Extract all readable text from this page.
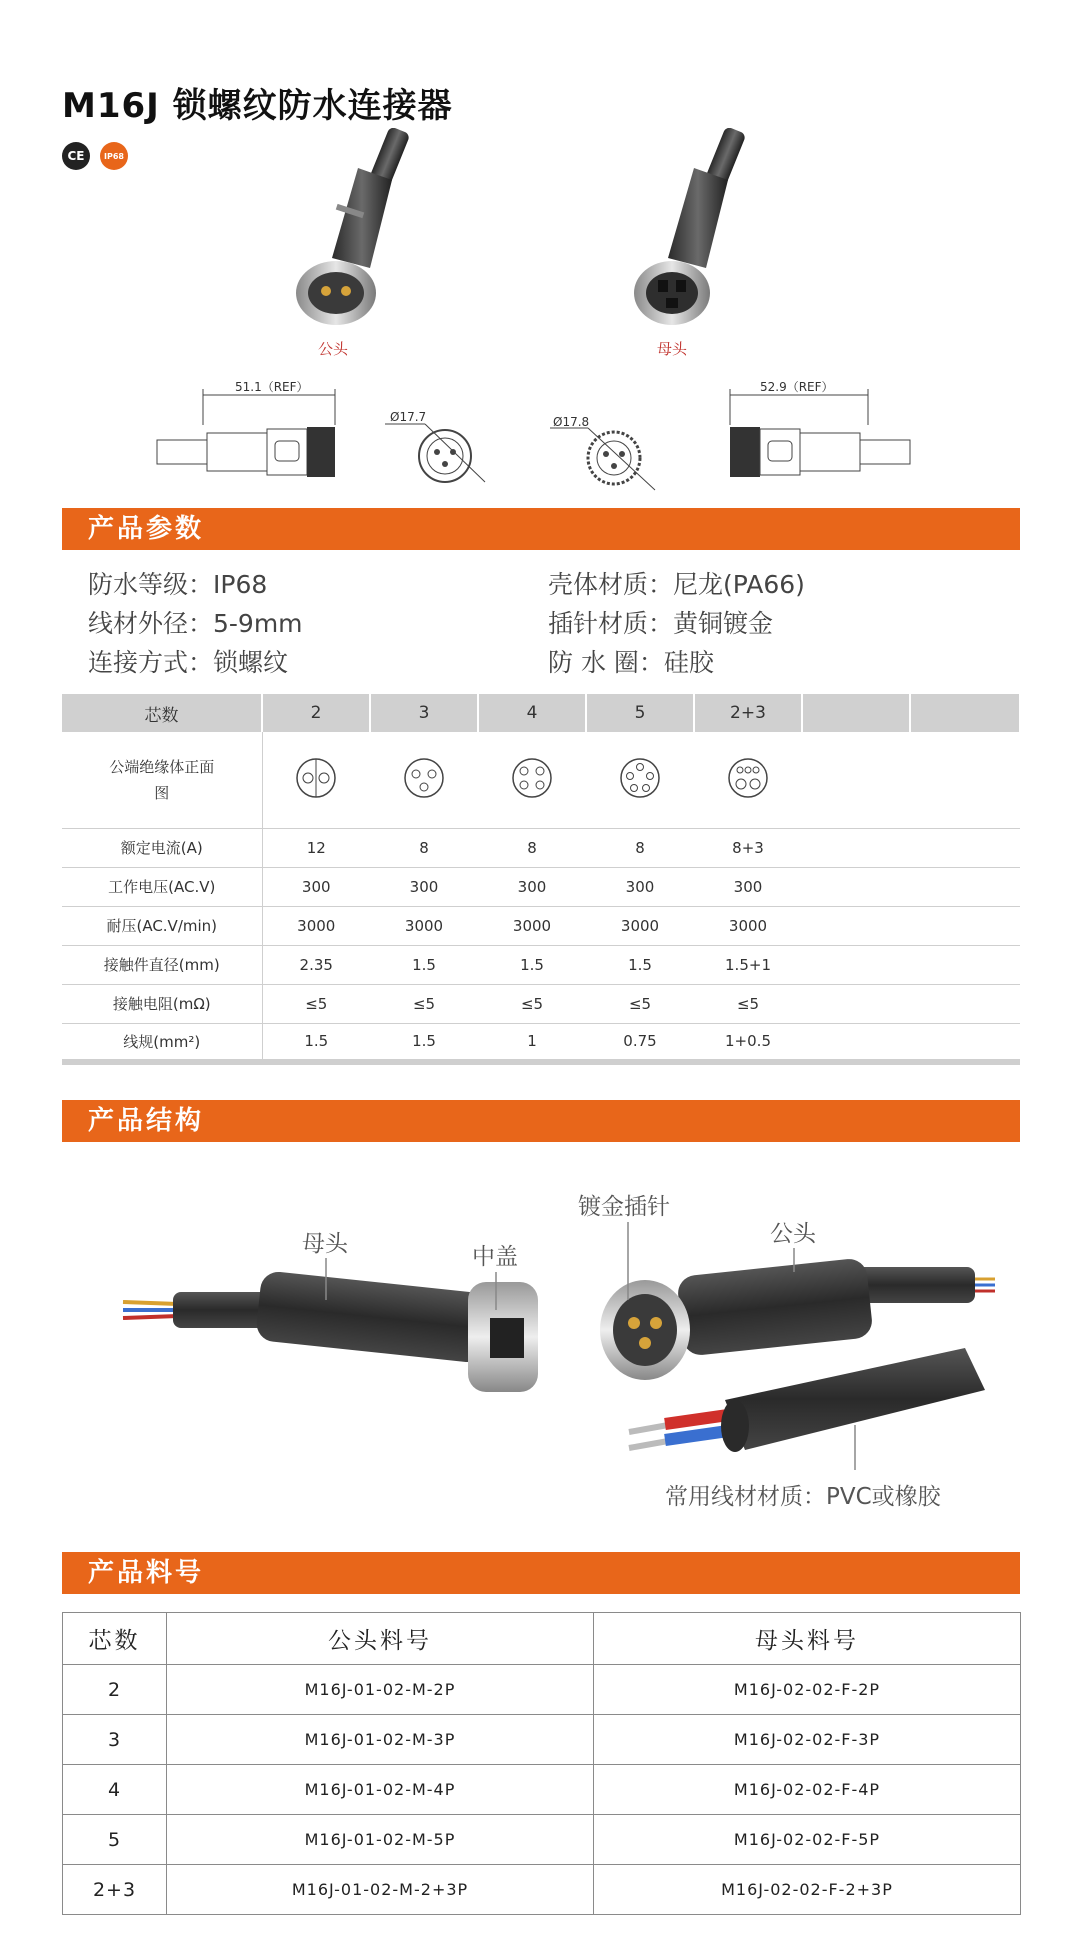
M16J 锁螺纹防水连接器
CE	IP68
公头	母头
51.1（REF）
Ø17.7	Ø17.8
52.9（REF）
产品参数
防水等级：IP68	壳体材质：尼龙(PA66)
线材外径：5-9mm	插针材质：黄铜镀金
连接方式：锁螺纹	防 水 圈：硅胶
芯数	2	3	4	5	2+3		
公端绝缘体正面图							
额定电流(A)	12	8	8	8	8+3		
工作电压(AC.V)	300	300	300	300	300		
耐压(AC.V/min)	3000	3000	3000	3000	3000		
接触件直径(mm)	2.35	1.5	1.5	1.5	1.5+1		
接触电阻(mΩ)	≤5	≤5	≤5	≤5	≤5		
线规(mm²)	1.5	1.5	1	0.75	1+0.5		
产品结构
母头	中盖
镀金插针
公头
常用线材材质：PVC或橡胶
产品料号
芯数	公头料号	母头料号
2	M16J-01-02-M-2P	M16J-02-02-F-2P
3	M16J-01-02-M-3P	M16J-02-02-F-3P
4	M16J-01-02-M-4P	M16J-02-02-F-4P
5	M16J-01-02-M-5P	M16J-02-02-F-5P
2+3	M16J-01-02-M-2+3P	M16J-02-02-F-2+3P
